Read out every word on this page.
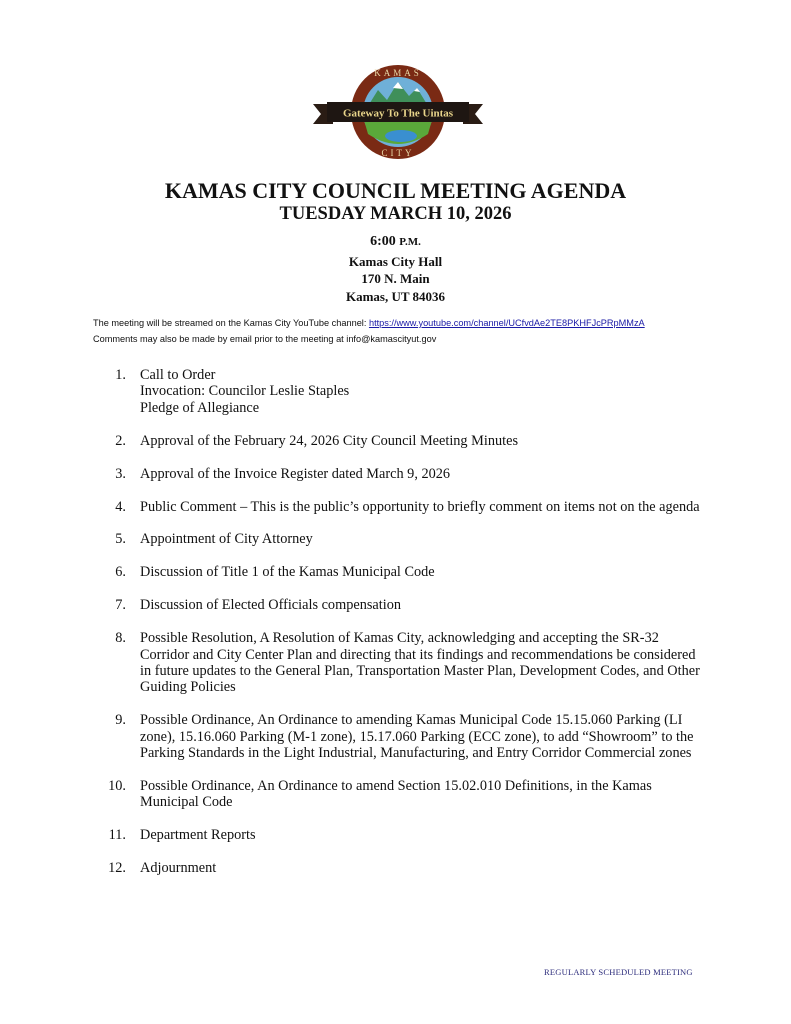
KAMAS
CITY
Gateway To The Uintas
KAMAS CITY COUNCIL MEETING AGENDA
TUESDAY MARCH 10, 2026
6:00 P.M.
Kamas City Hall
170 N. Main
Kamas, UT 84036
The meeting will be streamed on the Kamas City YouTube channel: https://www.youtube.com/channel/UCfvdAe2TE8PKHFJcPRpMMzA
Comments may also be made by email prior to the meeting at info@kamascityut.gov
1. Call to Order
Invocation: Councilor Leslie Staples
Pledge of Allegiance
2. Approval of the February 24, 2026 City Council Meeting Minutes
3. Approval of the Invoice Register dated March 9, 2026
4. Public Comment – This is the public’s opportunity to briefly comment on items not on the agenda
5. Appointment of City Attorney
6. Discussion of Title 1 of the Kamas Municipal Code
7. Discussion of Elected Officials compensation
8. Possible Resolution, A Resolution of Kamas City, acknowledging and accepting the SR-32 Corridor and City Center Plan and directing that its findings and recommendations be considered in future updates to the General Plan, Transportation Master Plan, Development Codes, and Other Guiding Policies
9. Possible Ordinance, An Ordinance to amending Kamas Municipal Code 15.15.060 Parking (LI zone), 15.16.060 Parking (M-1 zone), 15.17.060 Parking (ECC zone), to add “Showroom” to the Parking Standards in the Light Industrial, Manufacturing, and Entry Corridor Commercial zones
10. Possible Ordinance, An Ordinance to amend Section 15.02.010 Definitions, in the Kamas Municipal Code
11. Department Reports
12. Adjournment
REGULARLY SCHEDULED MEETING
